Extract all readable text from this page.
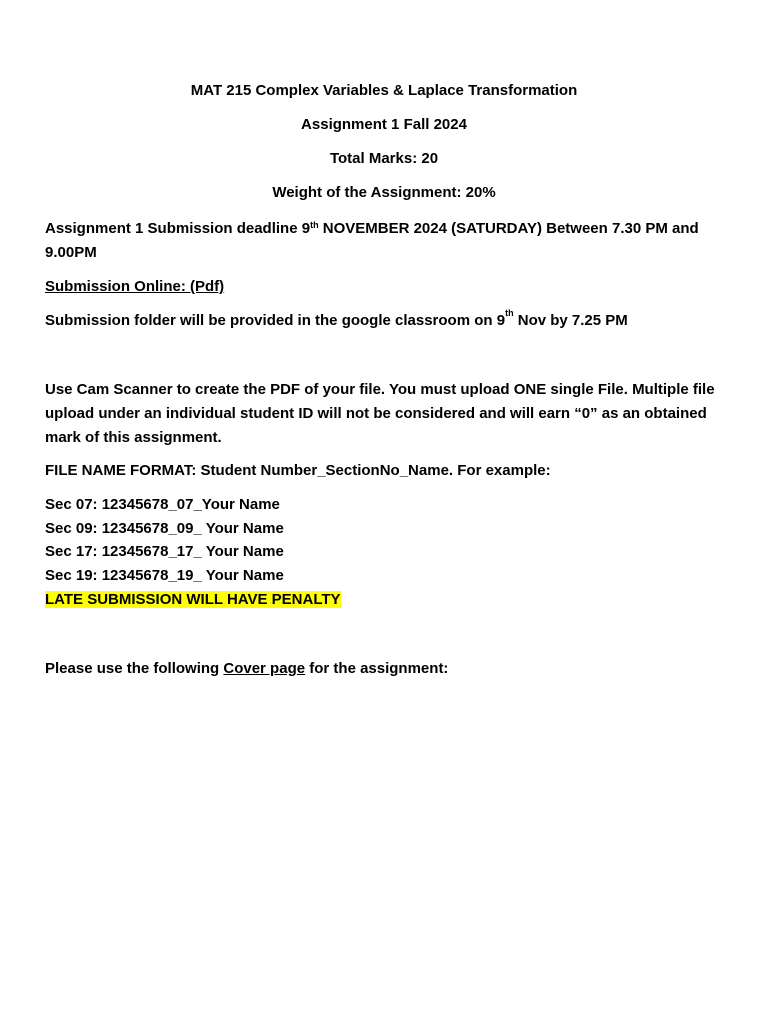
MAT 215 Complex Variables & Laplace Transformation
Assignment 1 Fall 2024
Total Marks: 20
Weight of the Assignment: 20%
Assignment 1 Submission deadline 9th NOVEMBER 2024 (SATURDAY) Between 7.30 PM and 9.00PM
Submission Online: (Pdf)
Submission folder will be provided in the google classroom on 9th Nov by 7.25 PM
Use Cam Scanner to create the PDF of your file. You must upload ONE single File. Multiple file upload under an individual student ID will not be considered and will earn “0” as an obtained mark of this assignment.
FILE NAME FORMAT: Student Number_SectionNo_Name. For example:
Sec 07: 12345678_07_Your Name
Sec 09: 12345678_09_ Your Name
Sec 17: 12345678_17_ Your Name
Sec 19: 12345678_19_ Your Name
LATE SUBMISSION WILL HAVE PENALTY
Please use the following Cover page for the assignment:
